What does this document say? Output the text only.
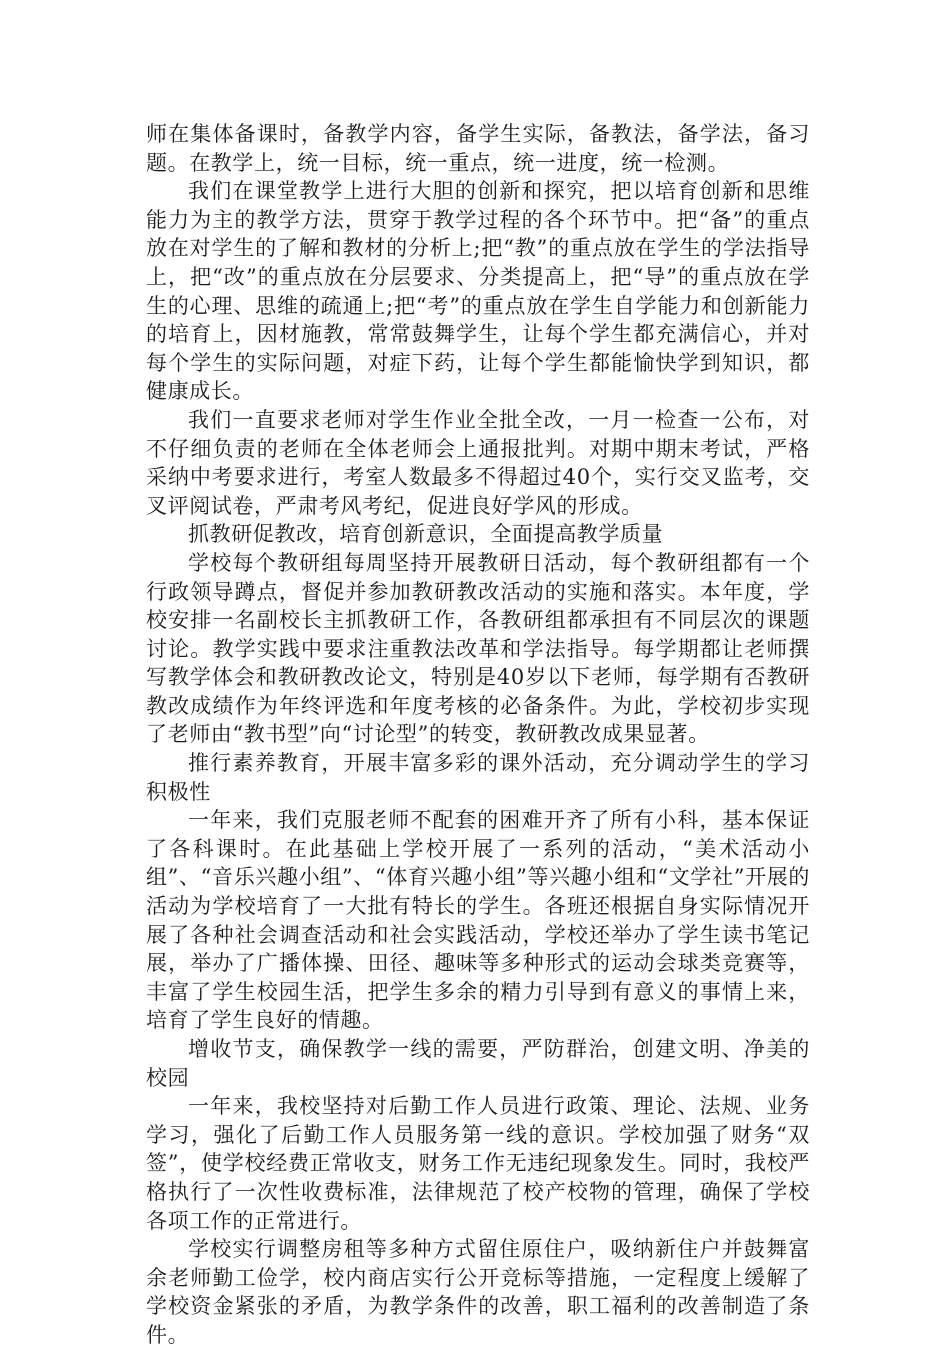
师在集体备课时，备教学内容，备学生实际，备教法，备学法，备习题。在教学上，统一目标，统一重点，统一进度，统一检测。

我们在课堂教学上进行大胆的创新和探究，把以培育创新和思维能力为主的教学方法，贯穿于教学过程的各个环节中。把“备”的重点放在对学生的了解和教材的分析上;把“教”的重点放在学生的学法指导上，把“改”的重点放在分层要求、分类提高上，把“导”的重点放在学生的心理、思维的疏通上;把“考”的重点放在学生自学能力和创新能力的培育上，因材施教，常常鼓舞学生，让每个学生都充满信心，并对每个学生的实际问题，对症下药，让每个学生都能愉快学到知识，都健康成长。

我们一直要求老师对学生作业全批全改，一月一检查一公布，对不仔细负责的老师在全体老师会上通报批判。对期中期末考试，严格采纳中考要求进行，考室人数最多不得超过40个，实行交叉监考，交叉评阅试卷，严肃考风考纪，促进良好学风的形成。

抓教研促教改，培育创新意识，全面提高教学质量

学校每个教研组每周坚持开展教研日活动，每个教研组都有一个行政领导蹲点，督促并参加教研教改活动的实施和落实。本年度，学校安排一名副校长主抓教研工作，各教研组都承担有不同层次的课题讨论。教学实践中要求注重教法改革和学法指导。每学期都让老师撰写教学体会和教研教改论文，特别是40岁以下老师，每学期有否教研教改成绩作为年终评选和年度考核的必备条件。为此，学校初步实现了老师由“教书型”向“讨论型”的转变，教研教改成果显著。

推行素养教育，开展丰富多彩的课外活动，充分调动学生的学习积极性

一年来，我们克服老师不配套的困难开齐了所有小科，基本保证了各科课时。在此基础上学校开展了一系列的活动，“美术活动小组”、“音乐兴趣小组”、“体育兴趣小组”等兴趣小组和“文学社”开展的活动为学校培育了一大批有特长的学生。各班还根据自身实际情况开展了各种社会调查活动和社会实践活动，学校还举办了学生读书笔记展，举办了广播体操、田径、趣味等多种形式的运动会球类竞赛等，丰富了学生校园生活，把学生多余的精力引导到有意义的事情上来，培育了学生良好的情趣。

增收节支，确保教学一线的需要，严防群治，创建文明、净美的校园

一年来，我校坚持对后勤工作人员进行政策、理论、法规、业务学习，强化了后勤工作人员服务第一线的意识。学校加强了财务“双签”，使学校经费正常收支，财务工作无违纪现象发生。同时，我校严格执行了一次性收费标准，法律规范了校产校物的管理，确保了学校各项工作的正常进行。

学校实行调整房租等多种方式留住原住户，吸纳新住户并鼓舞富余老师勤工俭学，校内商店实行公开竞标等措施，一定程度上缓解了学校资金紧张的矛盾，为教学条件的改善，职工福利的改善制造了条件。
